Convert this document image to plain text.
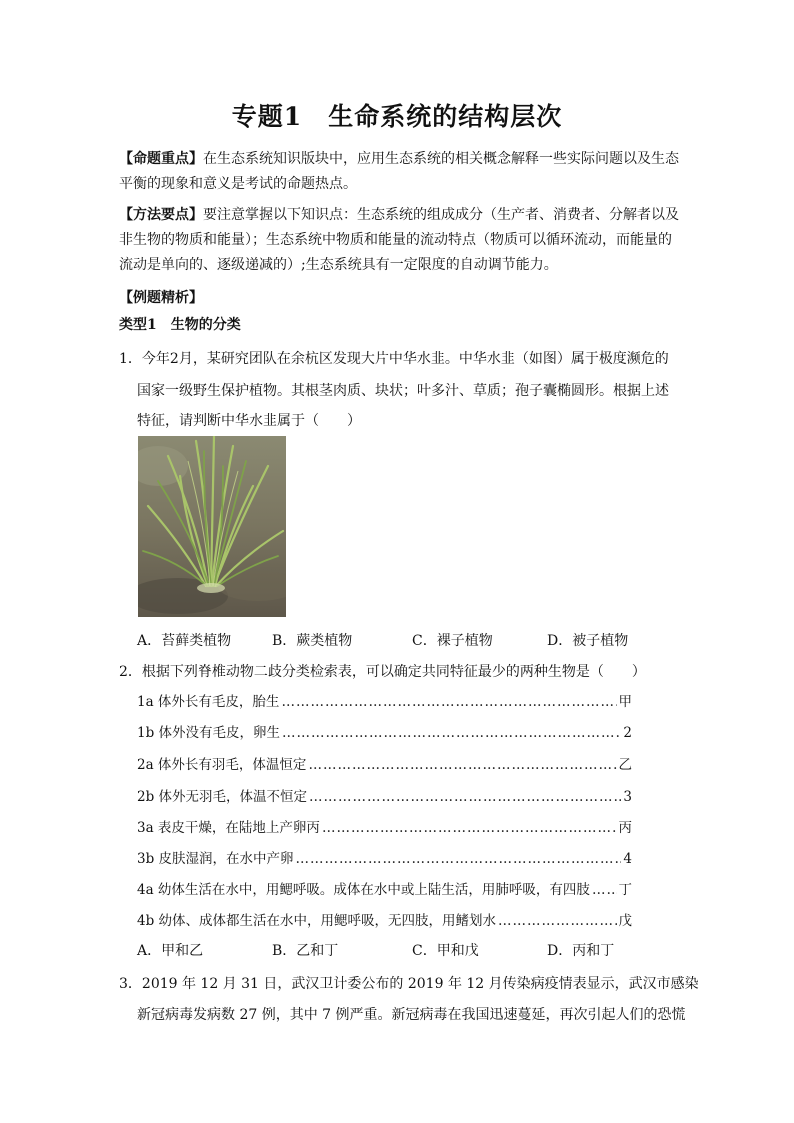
专题1　生命系统的结构层次
【命题重点】在生态系统知识版块中，应用生态系统的相关概念解释一些实际问题以及生态平衡的现象和意义是考试的命题热点。
【方法要点】要注意掌握以下知识点：生态系统的组成成分（生产者、消费者、分解者以及非生物的物质和能量）；生态系统中物质和能量的流动特点（物质可以循环流动，而能量的流动是单向的、逐级递减的）;生态系统具有一定限度的自动调节能力。
【例题精析】
类型1　生物的分类
1．今年2月，某研究团队在余杭区发现大片中华水韭。中华水韭（如图）属于极度濒危的
国家一级野生保护植物。其根茎肉质、块状；叶多汁、草质；孢子囊椭圆形。根据上述
特征，请判断中华水韭属于（　　）
A．苔藓类植物	B．蕨类植物	C．裸子植物	D．被子植物
2．根据下列脊椎动物二歧分类检索表，可以确定共同特征最少的两种生物是（　　）
1a 体外长有毛皮，胎生 ……………………………………………………………………………………………………………………………………	甲
1b 体外没有毛皮，卵生 ……………………………………………………………………………………………………………………………………	2
2a 体外长有羽毛，体温恒定 ……………………………………………………………………………………………………………………………………	乙
2b 体外无羽毛，体温不恒定 ……………………………………………………………………………………………………………………………………	3
3a 表皮干燥，在陆地上产卵丙 ……………………………………………………………………………………………………………………………………	丙
3b 皮肤湿润，在水中产卵 ……………………………………………………………………………………………………………………………………	4
4a 幼体生活在水中，用鳃呼吸。成体在水中或上陆生活，用肺呼吸，有四肢 …………………………………………………………………………………………………………………………………… 丁
4b 幼体、成体都生活在水中，用鳃呼吸，无四肢，用鳍划水 ……………………………………………………………………………………………………………………………………	戊
A．甲和乙	B．乙和丁	C．甲和戊	D．丙和丁
3．2019 年 12 月 31 日，武汉卫计委公布的 2019 年 12 月传染病疫情表显示，武汉市感染
新冠病毒发病数 27 例，其中 7 例严重。新冠病毒在我国迅速蔓延，再次引起人们的恐慌
